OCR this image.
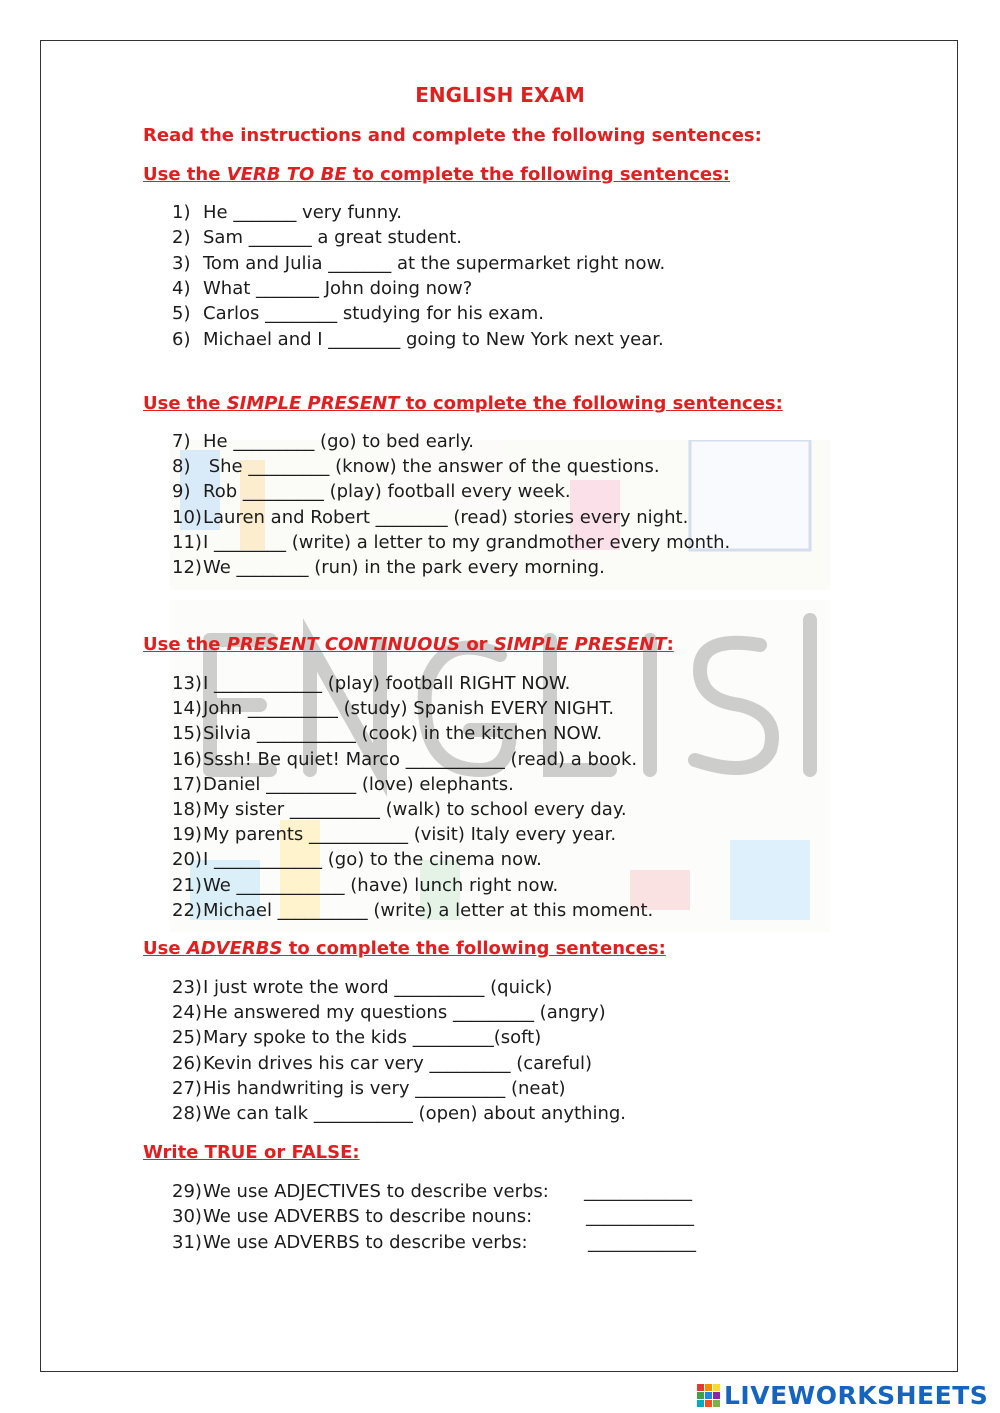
ENGLISH EXAM
Read the instructions and complete the following sentences:
Use the VERB TO BE to complete the following sentences:
1) He _______ very funny.
2) Sam _______ a great student.
3) Tom and Julia _______ at the supermarket right now.
4) What _______ John doing now?
5) Carlos ________ studying for his exam.
6) Michael and I ________ going to New York next year.
Use the SIMPLE PRESENT to complete the following sentences:
7) He _________ (go) to bed early.
8) She _________ (know) the answer of the questions.
9) Rob _________ (play) football every week.
10)Lauren and Robert ________ (read) stories every night.
11)I ________ (write) a letter to my grandmother every month.
12)We ________ (run) in the park every morning.
Use the PRESENT CONTINUOUS or SIMPLE PRESENT:
13)I ____________ (play) football RIGHT NOW.
14)John __________ (study) Spanish EVERY NIGHT.
15)Silvia ___________ (cook) in the kitchen NOW.
16)Sssh! Be quiet! Marco ___________ (read) a book.
17)Daniel __________ (love) elephants.
18)My sister __________ (walk) to school every day.
19)My parents ___________ (visit) Italy every year.
20)I ____________ (go) to the cinema now.
21)We ____________ (have) lunch right now.
22)Michael __________ (write) a letter at this moment.
Use ADVERBS to complete the following sentences:
23)I just wrote the word __________ (quick)
24)He answered my questions _________ (angry)
25)Mary spoke to the kids _________(soft)
26)Kevin drives his car very _________ (careful)
27)His handwriting is very __________ (neat)
28)We can talk ___________ (open) about anything.
Write TRUE or FALSE:
29)We use ADJECTIVES to describe verbs: ____________
30)We use ADVERBS to describe nouns:	____________
31)We use ADVERBS to describe verbs:	____________
LIVEWORKSHEETS
